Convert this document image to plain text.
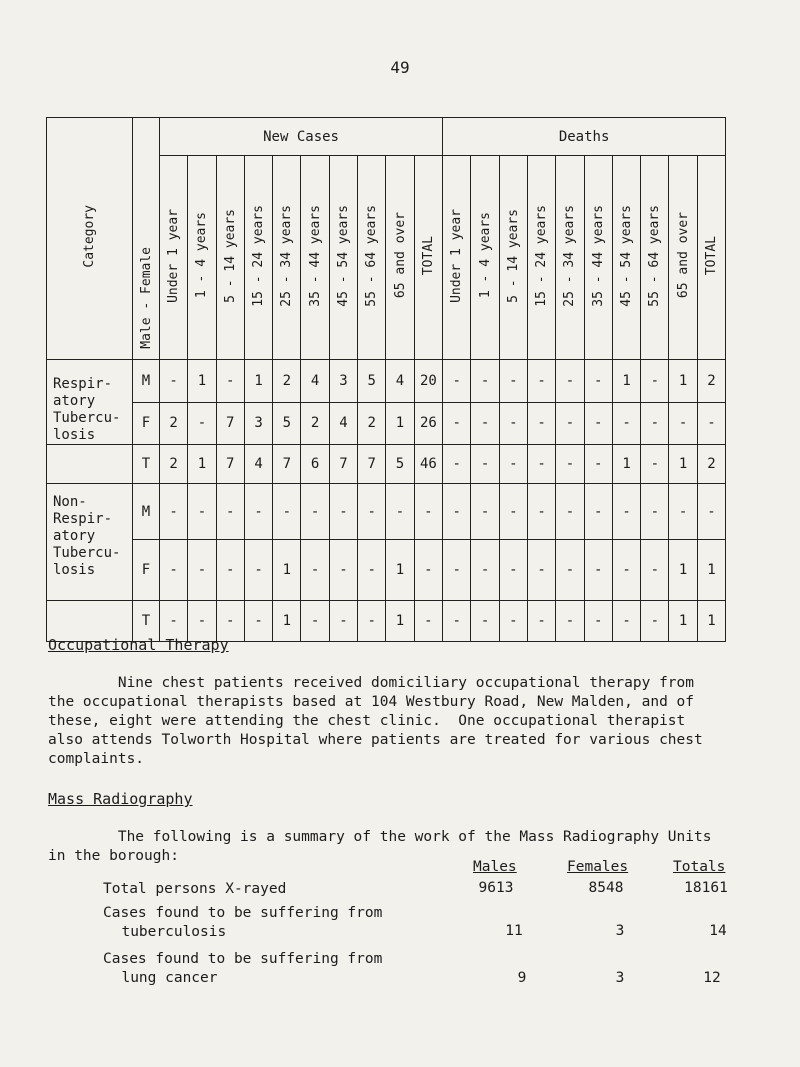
49
Category	Male - Female	New Cases										Deaths									
		Under 1 year	1 - 4 years	5 - 14 years	15 - 24 years	25 - 34 years	35 - 44 years	45 - 54 years	55 - 64 years	65 and over	TOTAL	Under 1 year	1 - 4 years	5 - 14 years	15 - 24 years	25 - 34 years	35 - 44 years	45 - 54 years	55 - 64 years	65 and over	TOTAL

Respir-
atory
Tubercu-
losis	M	-	1	-	1	2	4	3	5	4	20	-	-	-	-	-	-	1	-	1	2
	F	2	-	7	3	5	2	4	2	1	26	-	-	-	-	-	-	-	-	-	-
	T	2	1	7	4	7	6	7	7	5	46	-	-	-	-	-	-	1	-	1	2

Non-
Respir-
atory
Tubercu-
losis	M	-	-	-	-	-	-	-	-	-	-	-	-	-	-	-	-	-	-	-	-
	F	-	-	-	-	1	-	-	-	1	-	-	-	-	-	-	-	-	-	1	1
	T	-	-	-	-	1	-	-	-	1	-	-	-	-	-	-	-	-	-	1	1
Occupational Therapy
Nine chest patients received domiciliary occupational therapy from
the occupational therapists based at 104 Westbury Road, New Malden, and of
these, eight were attending the chest clinic.  One occupational therapist
also attends Tolworth Hospital where patients are treated for various chest
complaints.
Mass Radiography
The following is a summary of the work of the Mass Radiography Units
in the borough:
Males	Females	Totals
Total persons X-rayed	9613	8548	18161
Cases found to be suffering from
tuberculosis	11	3	14
Cases found to be suffering from
lung cancer	9	3	12
